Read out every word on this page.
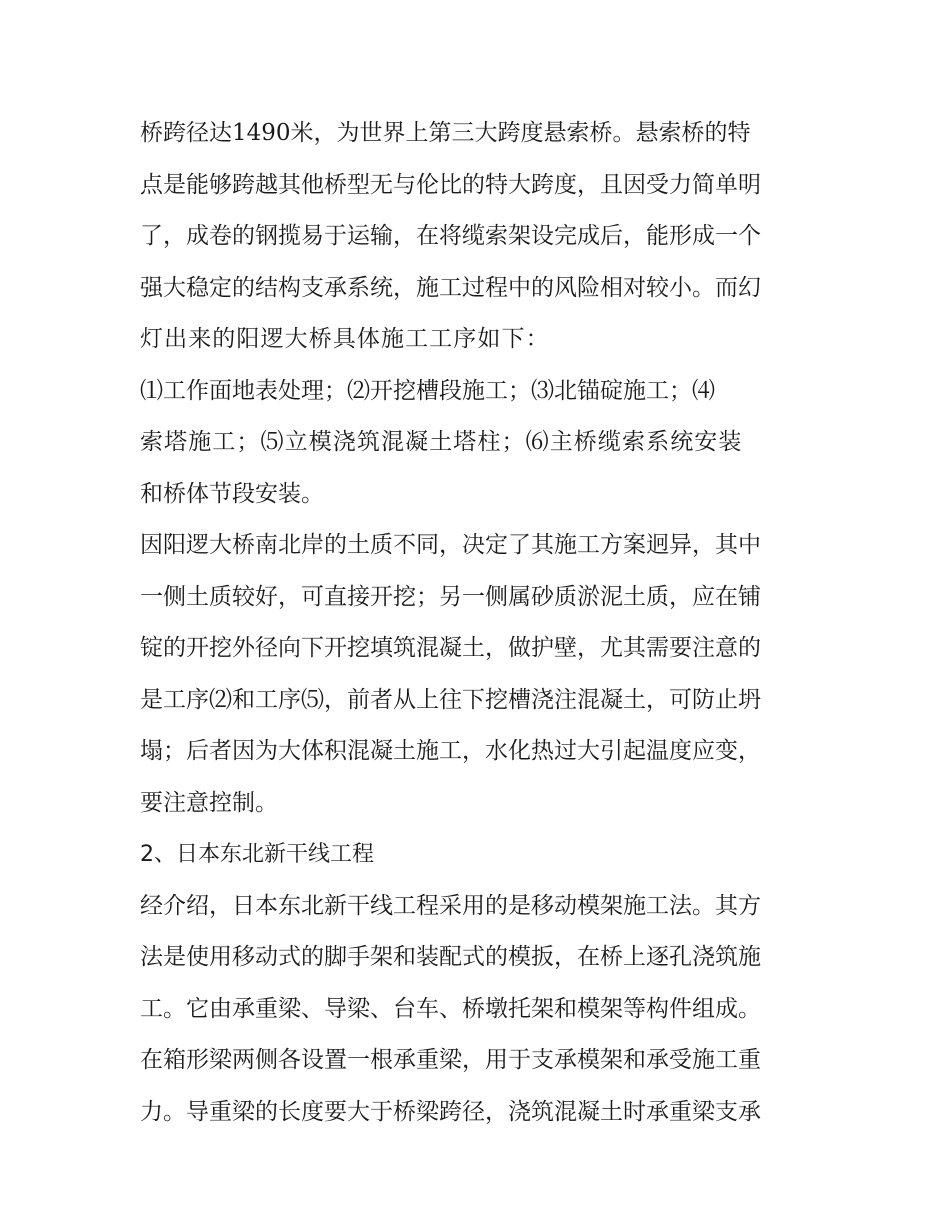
桥跨径达1490米，为世界上第三大跨度悬索桥。悬索桥的特
点是能够跨越其他桥型无与伦比的特大跨度，且因受力简单明
了，成卷的钢揽易于运输，在将缆索架设完成后，能形成一个
强大稳定的结构支承系统，施工过程中的风险相对较小。而幻
灯出来的阳逻大桥具体施工工序如下：
⑴工作面地表处理；⑵开挖槽段施工；⑶北锚碇施工；⑷
索塔施工；⑸立模浇筑混凝土塔柱；⑹主桥缆索系统安装
和桥体节段安装。
因阳逻大桥南北岸的土质不同，决定了其施工方案迥异，其中
一侧土质较好，可直接开挖；另一侧属砂质淤泥土质，应在铺
锭的开挖外径向下开挖填筑混凝土，做护壁，尤其需要注意的
是工序⑵和工序⑸，前者从上往下挖槽浇注混凝土，可防止坍
塌；后者因为大体积混凝土施工，水化热过大引起温度应变，
要注意控制。
2、日本东北新干线工程
经介绍，日本东北新干线工程采用的是移动模架施工法。其方
法是使用移动式的脚手架和装配式的模扳，在桥上逐孔浇筑施
工。它由承重梁、导梁、台车、桥墩托架和模架等构件组成。
在箱形梁两侧各设置一根承重梁，用于支承模架和承受施工重
力。导重梁的长度要大于桥梁跨径，浇筑混凝土时承重梁支承
